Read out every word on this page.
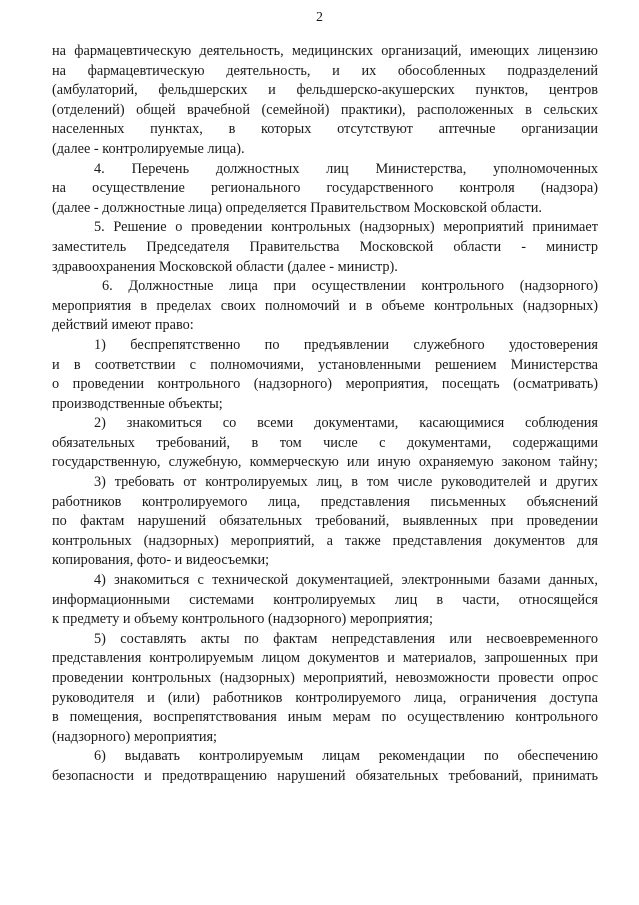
2
на фармацевтическую деятельность, медицинских организаций, имеющих лицензию
на фармацевтическую деятельность, и их обособленных подразделений
(амбулаторий, фельдшерских и фельдшерско-акушерских пунктов, центров
(отделений) общей врачебной (семейной) практики), расположенных в сельских
населенных пунктах, в которых отсутствуют аптечные организации
(далее - контролируемые лица).
4. Перечень должностных лиц Министерства, уполномоченных
на осуществление регионального государственного контроля (надзора)
(далее - должностные лица) определяется Правительством Московской области.
5. Решение о проведении контрольных (надзорных) мероприятий принимает
заместитель Председателя Правительства Московской области - министр
здравоохранения Московской области (далее - министр).
6. Должностные лица при осуществлении контрольного (надзорного)
мероприятия в пределах своих полномочий и в объеме контрольных (надзорных)
действий имеют право:
1) беспрепятственно по предъявлении служебного удостоверения
и в соответствии с полномочиями, установленными решением Министерства
о проведении контрольного (надзорного) мероприятия, посещать (осматривать)
производственные объекты;
2) знакомиться со всеми документами, касающимися соблюдения
обязательных требований, в том числе с документами, содержащими
государственную, служебную, коммерческую или иную охраняемую законом тайну;
3) требовать от контролируемых лиц, в том числе руководителей и других
работников контролируемого лица, представления письменных объяснений
по фактам нарушений обязательных требований, выявленных при проведении
контрольных (надзорных) мероприятий, а также представления документов для
копирования, фото- и видеосъемки;
4) знакомиться с технической документацией, электронными базами данных,
информационными системами контролируемых лиц в части, относящейся
к предмету и объему контрольного (надзорного) мероприятия;
5) составлять акты по фактам непредставления или несвоевременного
представления контролируемым лицом документов и материалов, запрошенных при
проведении контрольных (надзорных) мероприятий, невозможности провести опрос
руководителя и (или) работников контролируемого лица, ограничения доступа
в помещения, воспрепятствования иным мерам по осуществлению контрольного
(надзорного) мероприятия;
6) выдавать контролируемым лицам рекомендации по обеспечению
безопасности и предотвращению нарушений обязательных требований, принимать
